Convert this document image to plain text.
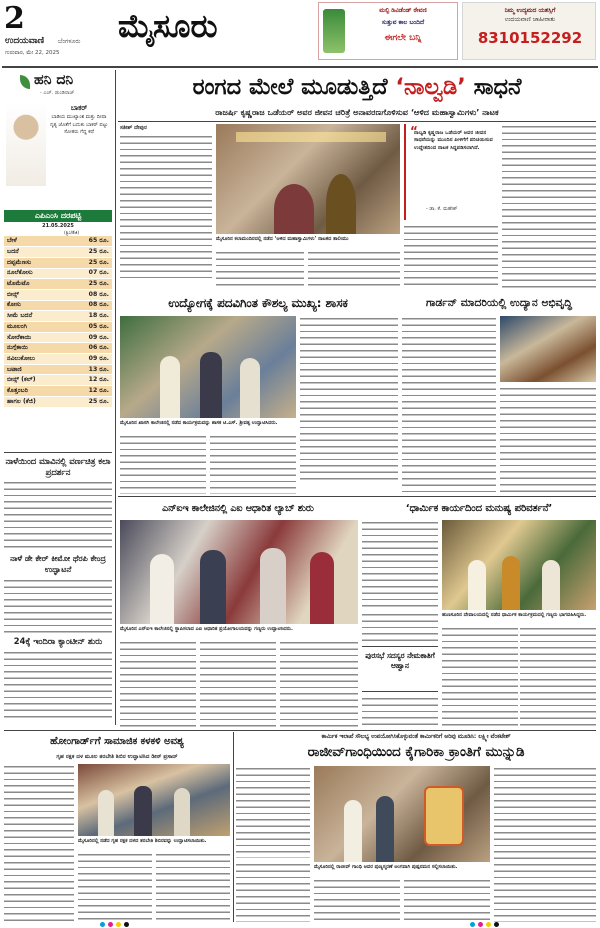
2
ಉದಯವಾಣಿ ಬೆಂಗಳೂರು
ಗುರುವಾರ, ಮೇ 22, 2025
ಮೈಸೂರು	ಮಲ್ಟಿ ಡಿವಿಡೆಂಡ್ ಠೇವಣಿ
ಸುತ್ತುವ ಕಾಲ ಬಂದಿದೆ
ಈಗಲೇ ಬನ್ನಿ
ನಿಮ್ಮ ಉದ್ಯಮದ ಯಶಸ್ಸಿಗೆ
ಉದಯವಾಣಿ ಜಾಹೀರಾತು
8310152292
ಹನಿ ದನಿ
- ಎಚ್. ಡುಂಡಿರಾಜ್
ಬಾಕರ್
ಬಾಡಿಯ ಮುಖ್ಯಾಂಶ ಮತ್ತು ದೀಪಾ ನೃತ್ಯ ಜೊತೆಗೆ ಬದುಕು ಬಾಕರ್ ಪಟ್ಟು ಸೋತರು ಗೆದ್ದ ಕಥೆ
ಎಪಿಎಂಸಿ ದರಪಟ್ಟಿ
21.05.2025
(ಕ್ವಿಂ/ಕೆಜಿ)
ಬೇಳೆ	65 ರೂ.
ಬದನೆ	25 ರೂ.
ದಪ್ಪಮೆಣಸು	25 ರೂ.
ನೂಲೆಕೋಸು	07 ರೂ.
ಟೊಮೆಟೊ	25 ರೂ.
ಬೀನ್ಸ್	08 ರೂ.
ಕೋಸು	08 ರೂ.
ಸೀಮೆ ಬದನೆ	18 ರೂ.
ಮೂಲಂಗಿ	05 ರೂ.
ಸೋರೆಕಾಯಿ	09 ರೂ.
ನುಗ್ಗೆಕಾಯಿ	06 ರೂ.
ನವಿಲುಕೋಲು	09 ರೂ.
ಬಟಾಣಿ	13 ರೂ.
ಬೀನ್ಸ್ (ಕಲ್)	12 ರೂ.
ಕೊತ್ತಂಬರಿ	12 ರೂ.
ಹಾಗಲ (ಕೆಜಿ)	25 ರೂ.
ನಾಳೆಯಿಂದ ಮಾವಿನಲ್ಲಿ ವರ್ಣಚಿತ್ರ ಕಲಾ ಪ್ರದರ್ಶನ
ನಾಳೆ ಡೇ ಕೇರ್ ಕೀಮೋ ಥೆರಪಿ ಕೇಂದ್ರ ಉದ್ಘಾಟನೆ
24ಕ್ಕೆ ಇಂದಿರಾ ಕ್ಯಾಂಟೀನ್ ಶುರು
ರಂಗದ ಮೇಲೆ ಮೂಡುತ್ತಿದೆ ‘ನಾಲ್ವಡಿ’ ಸಾಧನೆ
ರಾಜರ್ಷಿ ಕೃಷ್ಣರಾಜ ಒಡೆಯರ್ ಅವರ ಜೀವನ ಚರಿತ್ರೆ ಅನಾವರಣಗೊಳಿಸುವ ‘ಆಳಿದ ಮಹಾಸ್ವಾಮಿಗಳು’ ನಾಟಕ
ಸತೀಶ್ ದೇಪುರ
ಮೈಸೂರಿನ ಕಲಾಮಂದಿರದಲ್ಲಿ ನಡೆದ ‘ಆಳಿದ ಮಹಾಸ್ವಾಮಿಗಳು’ ನಾಟಕದ ತಾಲೀಮು
“
ನಾಲ್ವಡಿ ಕೃಷ್ಣರಾಜ ಒಡೆಯರ್ ಅವರ ಜೀವನ ಸಾಧನೆಯನ್ನು ಮುಂದಿನ ಪೀಳಿಗೆಗೆ ಪರಿಚಯಿಸುವ ಉದ್ದೇಶದಿಂದ ನಾಟಕ ಸಿದ್ಧಪಡಿಸಲಾಗಿದೆ.
- ಡಾ. ಕೆ. ಮಹೇಶ್
ಉದ್ಯೋಗಕ್ಕೆ ಪದವಿಗಿಂತ ಕೌಶಲ್ಯ ಮುಖ್ಯ: ಶಾಸಕ
ಮೈಸೂರಿನ ಖಾಸಗಿ ಕಾಲೇಜಿನಲ್ಲಿ ನಡೆದ ಕಾರ್ಯಕ್ರಮವನ್ನು ಶಾಸಕ ಟಿ.ಎಸ್. ಶ್ರೀವತ್ಸ ಉದ್ಘಾಟಿಸಿದರು.
ಗಾರ್ಡನ್ ಮಾದರಿಯಲ್ಲಿ ಉದ್ಯಾನ ಅಭಿವೃದ್ಧಿ
ಎನ್‌ಐಇ ಕಾಲೇಜಿನಲ್ಲಿ ಎಐ ಆಧಾರಿತ ಲ್ಯಾಬ್ ಶುರು
ಮೈಸೂರಿನ ಎನ್‌ಐಇ ಕಾಲೇಜಿನಲ್ಲಿ ಸ್ಥಾಪಿಸಲಾದ ಎಐ ಆಧಾರಿತ ಪ್ರಯೋಗಾಲಯವನ್ನು ಗಣ್ಯರು ಉದ್ಘಾಟಿಸಿದರು.
‘ಧಾರ್ಮಿಕ ಕಾರ್ಯದಿಂದ ಮನುಷ್ಯ ಪರಿವರ್ತನೆ’
ಹುಣಸೂರಿನ ದೇವಾಲಯದಲ್ಲಿ ನಡೆದ ಧಾರ್ಮಿಕ ಕಾರ್ಯಕ್ರಮದಲ್ಲಿ ಗಣ್ಯರು ಭಾಗವಹಿಸಿದ್ದರು.
ಪುರಸಭೆ ಸದಸ್ಯರ ನೇಮಕಾತಿಗೆ ಆಹ್ವಾನ
ಹೋಂಗಾರ್ಡ್‌ಗೆ ಸಾಮಾಜಿಕ ಕಳಕಳಿ ಅವಶ್ಯ
ಗೃಹ ರಕ್ಷಕ ದಳ ಮೂಲ ತರಬೇತಿ ಶಿಬಿರ ಉದ್ಘಾಟಿಸಿದ ಡೀನ್ ಪ್ರಸಾದ್
ಮೈಸೂರಿನಲ್ಲಿ ನಡೆದ ಗೃಹ ರಕ್ಷಕ ದಳದ ತರಬೇತಿ ಶಿಬಿರವನ್ನು ಉದ್ಘಾಟಿಸಲಾಯಿತು.
ಕಾರ್ಮಿಕ ಇಲಾಖೆ ಸೌಲಭ್ಯ ಉಪಯೋಗಿಸಿಕೊಳ್ಳುವಂತೆ ಕಾರ್ಮಿಕರಿಗೆ ಅರಿವು ಮೂಡಿಸಿ: ಲಕ್ಷ್ಮೀ ವೆಂಕಟೇಶ್
ರಾಜೀವ್‌ಗಾಂಧಿಯಿಂದ ಕೈಗಾರಿಕಾ ಕ್ರಾಂತಿಗೆ ಮುನ್ನುಡಿ
ಮೈಸೂರಿನಲ್ಲಿ ರಾಜೀವ್ ಗಾಂಧಿ ಅವರ ಪುಣ್ಯಸ್ಮರಣೆ ಅಂಗವಾಗಿ ಪುಷ್ಪನಮನ ಸಲ್ಲಿಸಲಾಯಿತು.
